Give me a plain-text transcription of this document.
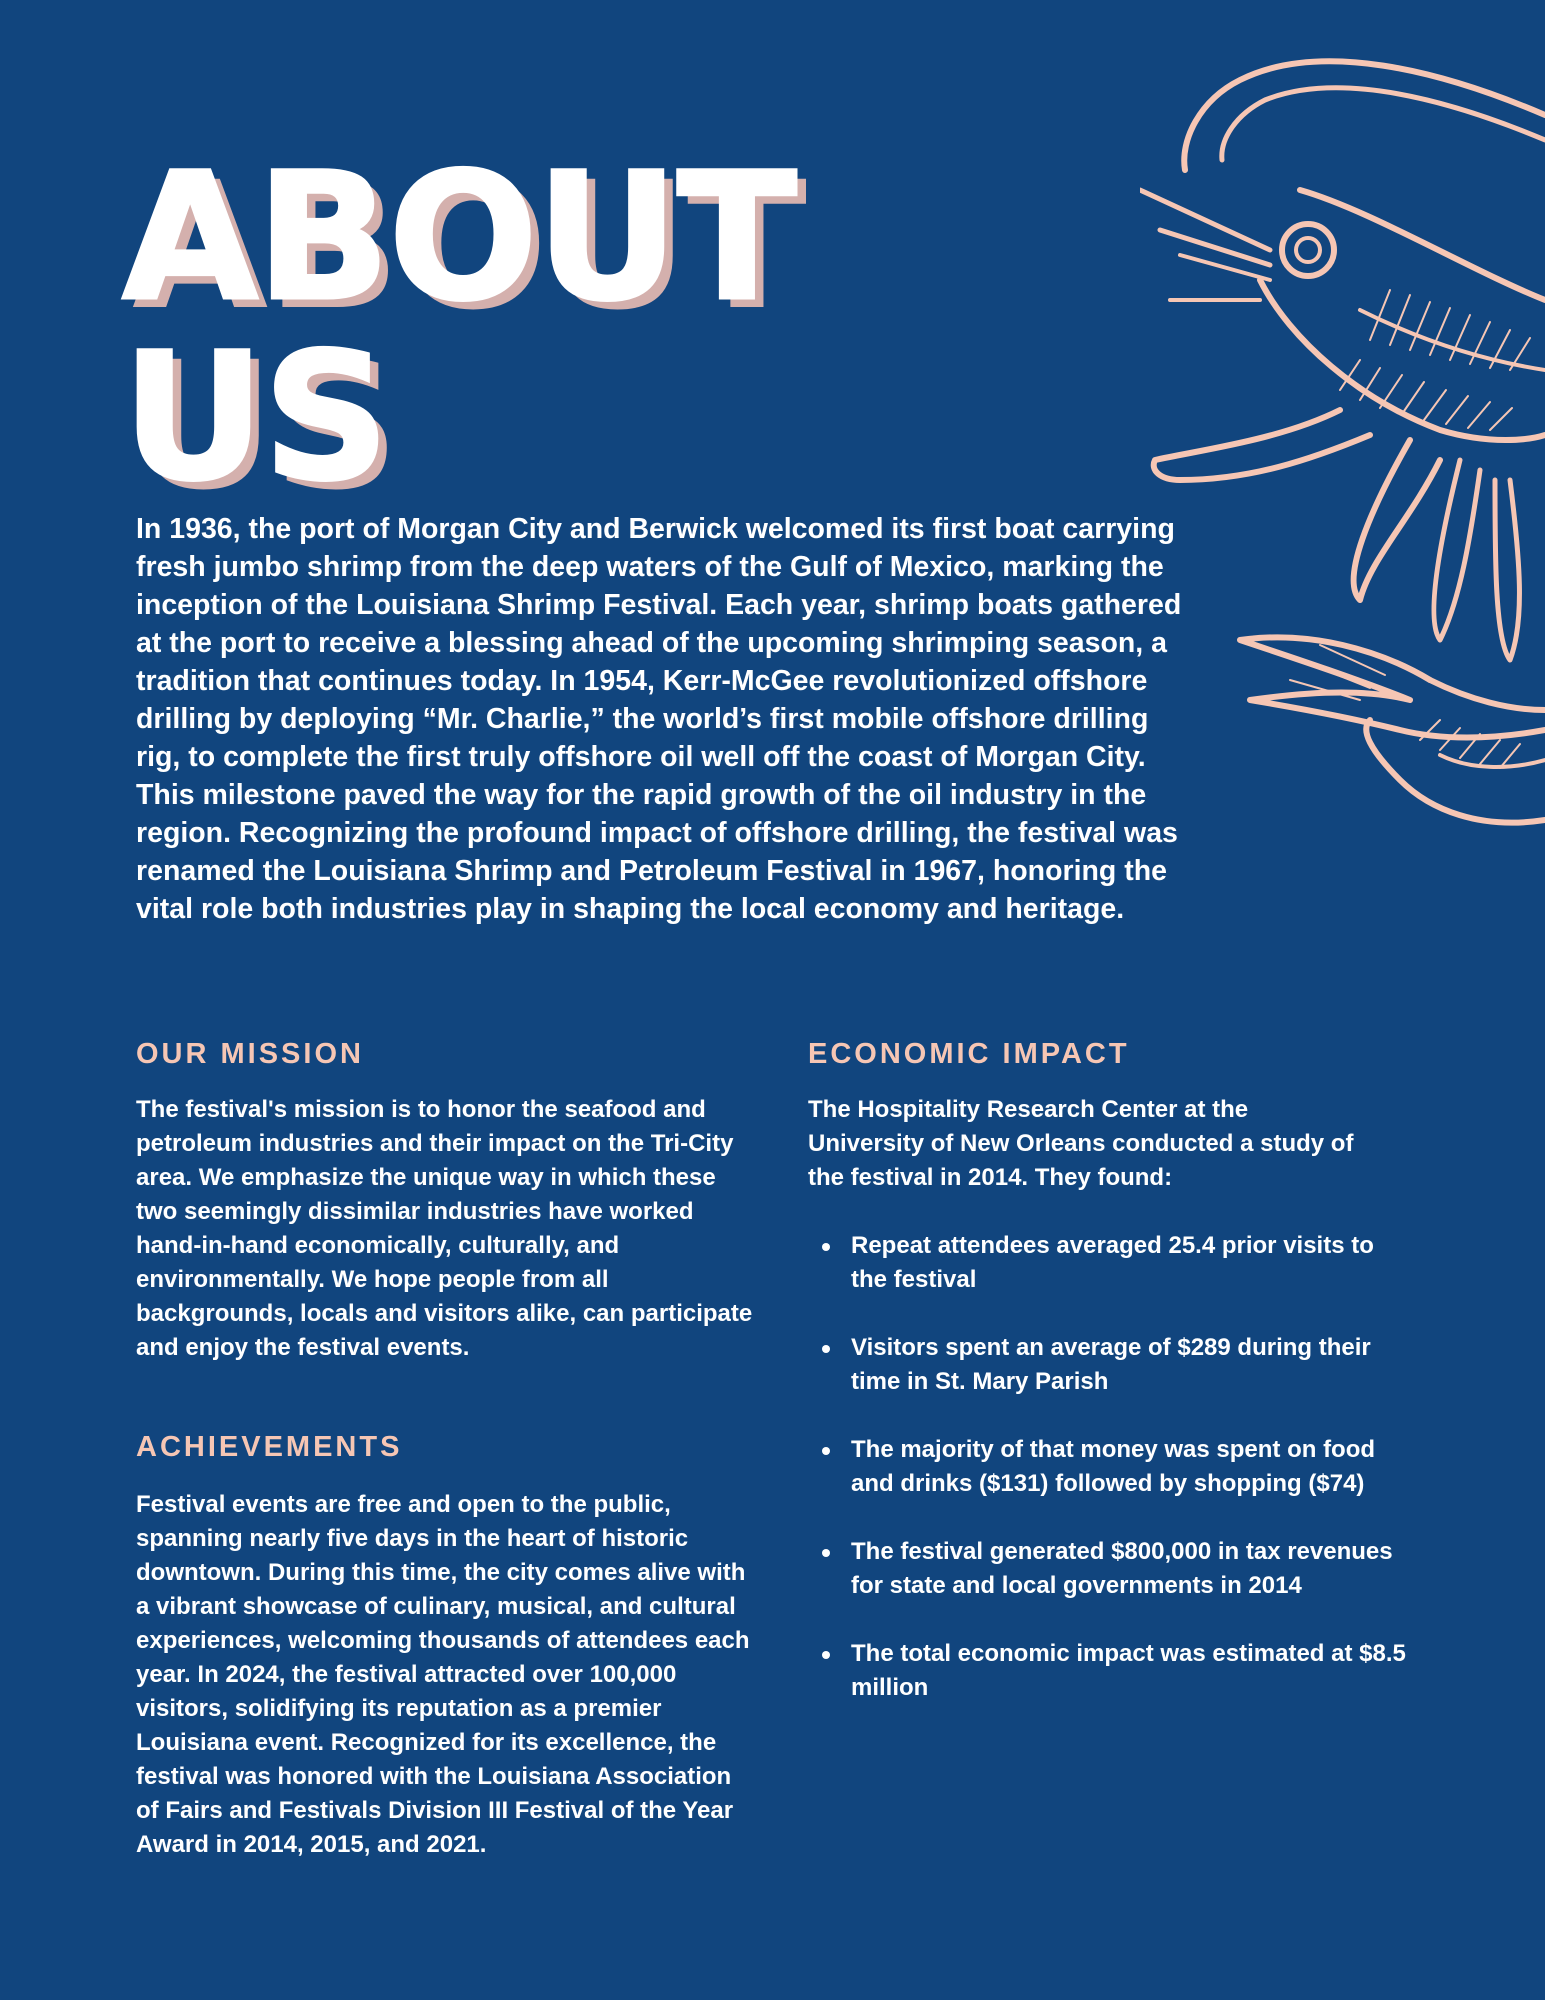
ABOUT
US

In 1936, the port of Morgan City and Berwick welcomed its first boat carrying fresh jumbo shrimp from the deep waters of the Gulf of Mexico, marking the inception of the Louisiana Shrimp Festival. Each year, shrimp boats gathered at the port to receive a blessing ahead of the upcoming shrimping season, a tradition that continues today. In 1954, Kerr-McGee revolutionized offshore drilling by deploying “Mr. Charlie,” the world’s first mobile offshore drilling rig, to complete the first truly offshore oil well off the coast of Morgan City. This milestone paved the way for the rapid growth of the oil industry in the region. Recognizing the profound impact of offshore drilling, the festival was renamed the Louisiana Shrimp and Petroleum Festival in 1967, honoring the vital role both industries play in shaping the local economy and heritage.

OUR MISSION

The festival's mission is to honor the seafood and petroleum industries and their impact on the Tri-City area. We emphasize the unique way in which these two seemingly dissimilar industries have worked hand-in-hand economically, culturally, and environmentally. We hope people from all backgrounds, locals and visitors alike, can participate and enjoy the festival events.

ACHIEVEMENTS

Festival events are free and open to the public, spanning nearly five days in the heart of historic downtown. During this time, the city comes alive with a vibrant showcase of culinary, musical, and cultural experiences, welcoming thousands of attendees each year. In 2024, the festival attracted over 100,000 visitors, solidifying its reputation as a premier Louisiana event. Recognized for its excellence, the festival was honored with the Louisiana Association of Fairs and Festivals Division III Festival of the Year Award in 2014, 2015, and 2021.

ECONOMIC IMPACT

The Hospitality Research Center at the University of New Orleans conducted a study of the festival in 2014. They found:

Repeat attendees averaged 25.4 prior visits to the festival
Visitors spent an average of $289 during their time in St. Mary Parish
The majority of that money was spent on food and drinks ($131) followed by shopping ($74)
The festival generated $800,000 in tax revenues for state and local governments in 2014
The total economic impact was estimated at $8.5 million
